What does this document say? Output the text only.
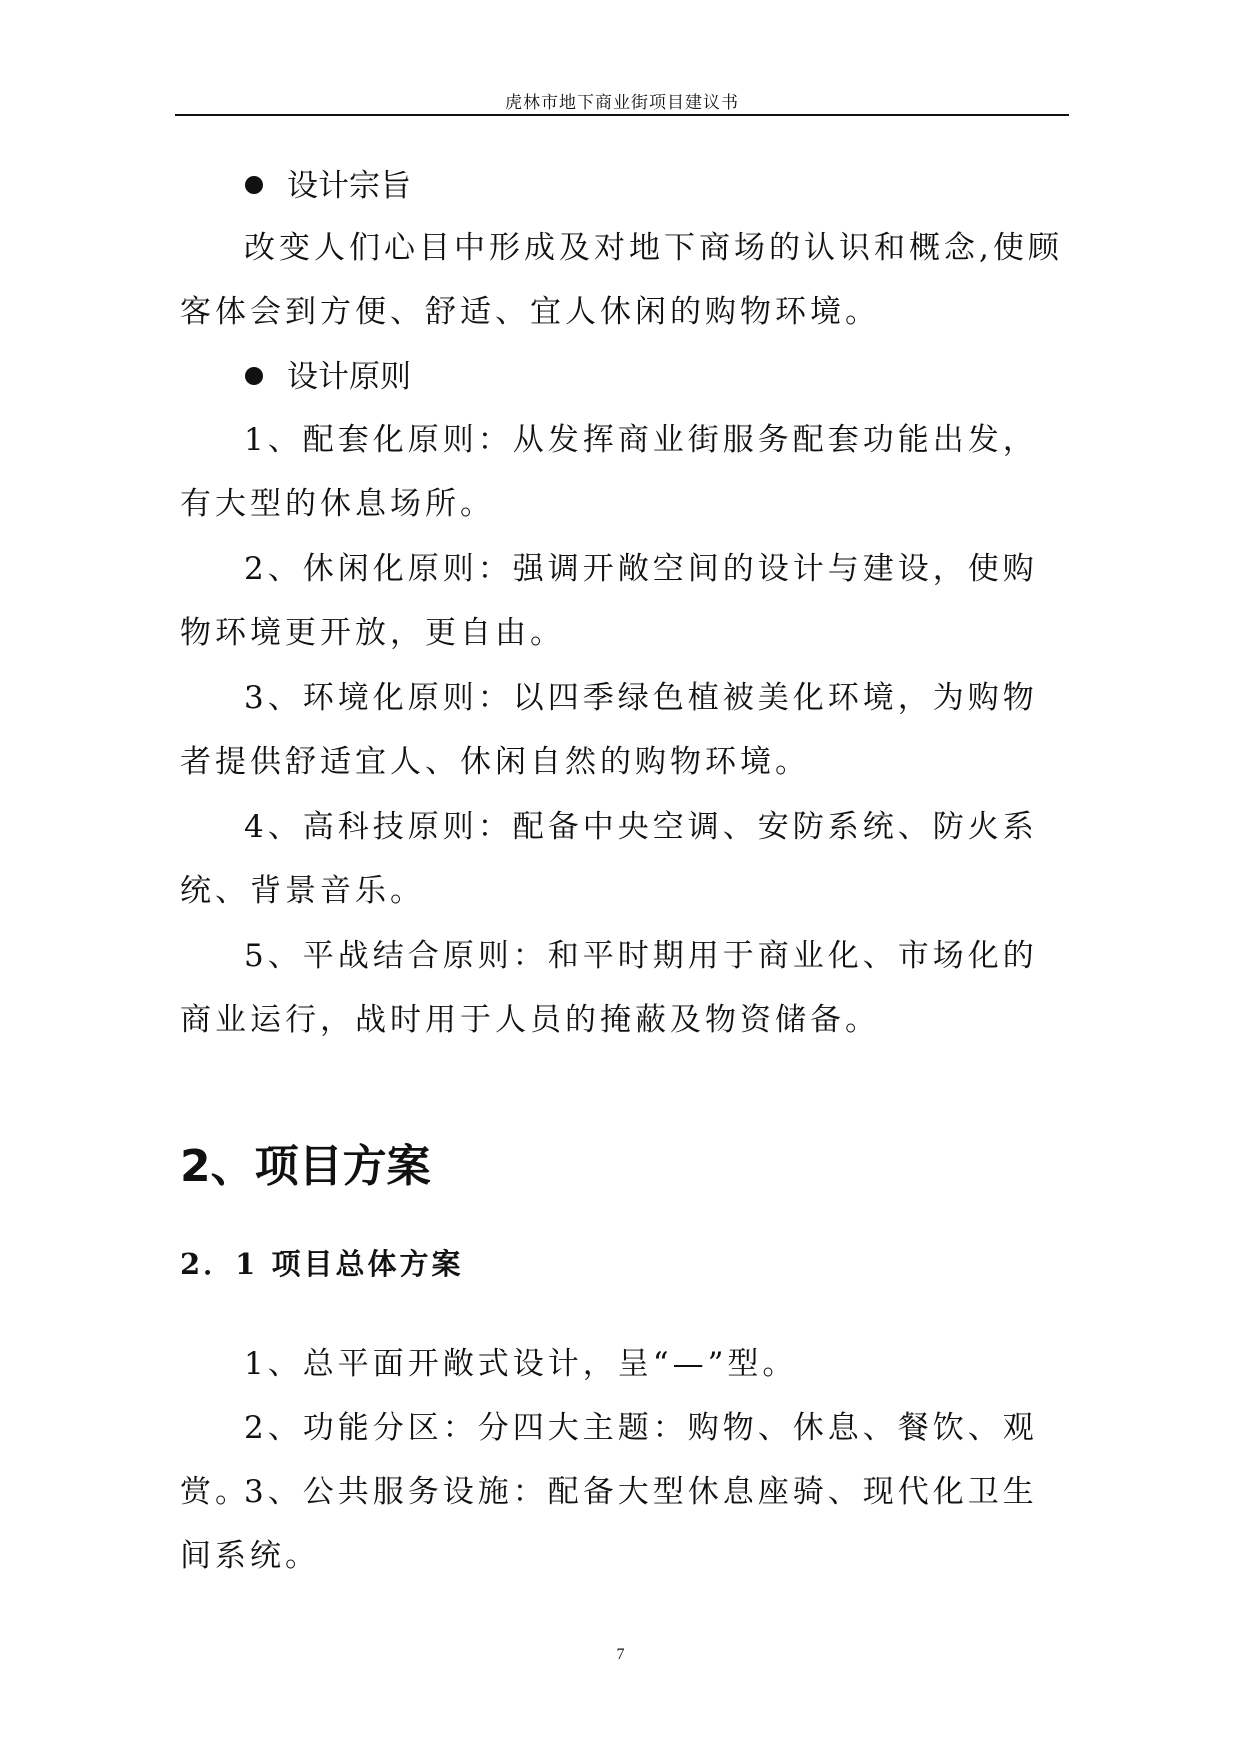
虎林市地下商业街项目建议书
设计宗旨
改变人们心目中形成及对地下商场的认识和概念,使顾客体会到方便、舒适、宜人休闲的购物环境。
设计原则
1、配套化原则：从发挥商业街服务配套功能出发，有大型的休息场所。
2、休闲化原则：强调开敞空间的设计与建设，使购物环境更开放，更自由。
3、环境化原则：以四季绿色植被美化环境，为购物者提供舒适宜人、休闲自然的购物环境。
4、高科技原则：配备中央空调、安防系统、防火系统、背景音乐。
5、平战结合原则：和平时期用于商业化、市场化的商业运行，战时用于人员的掩蔽及物资储备。
2、项目方案
2．1 项目总体方案
1、总平面开敞式设计，呈“—”型。
2、功能分区：分四大主题：购物、休息、餐饮、观赏。
3、公共服务设施：配备大型休息座骑、现代化卫生间系统。
7
